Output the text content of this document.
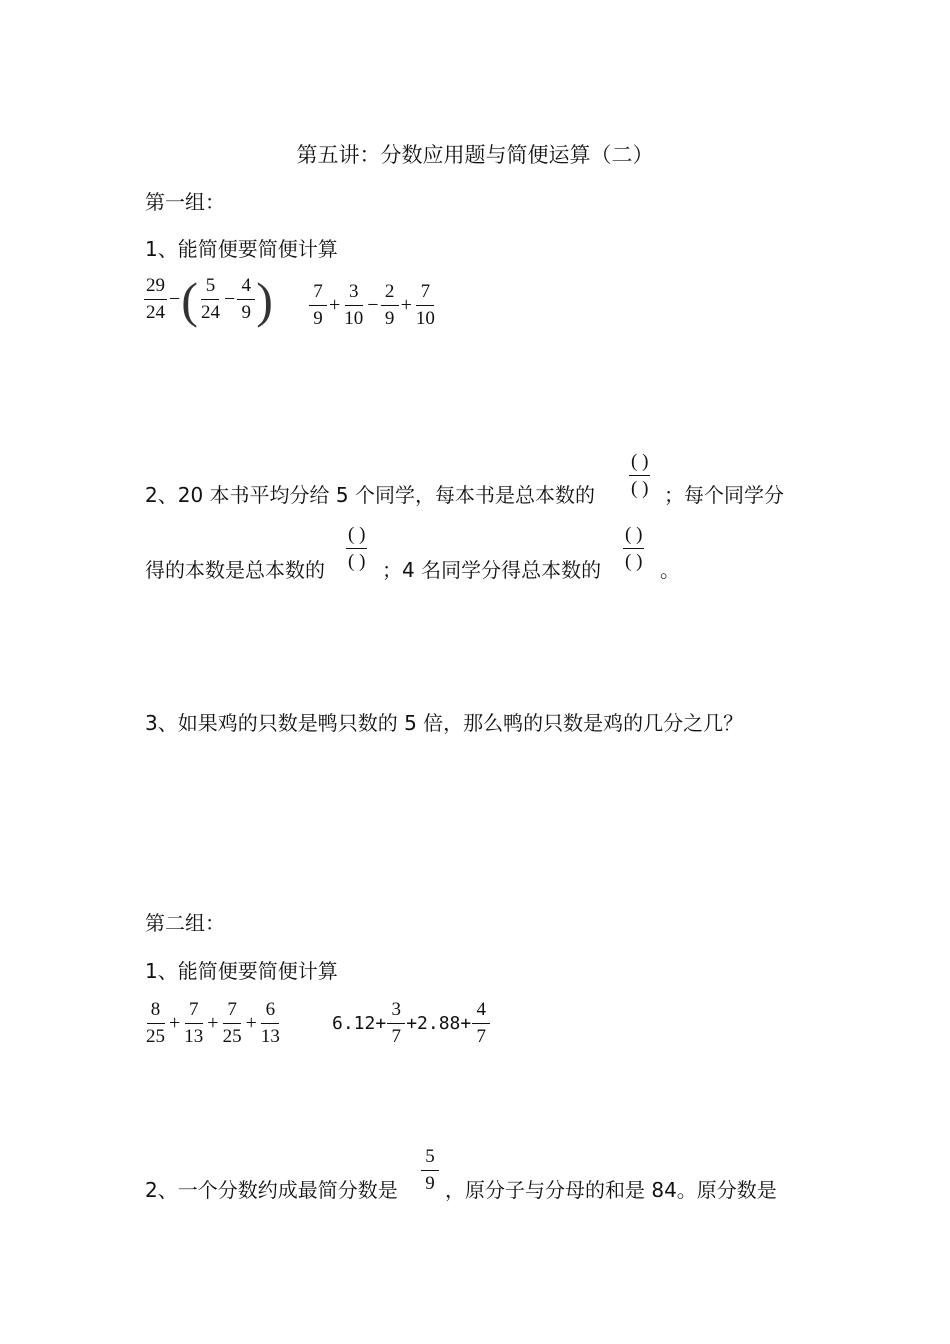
第五讲：分数应用题与简便运算（二）
第一组：
1、能简便要简便计算
$\frac{29}{24}$ − ( $\frac{5}{24} - \frac{4}{9}$ ) $\frac{7}{9} + \frac{3}{10} - \frac{2}{9} + \frac{7}{10}$
2、20 本书平均分给 5 个同学，每本书是总本数的 $\frac{( )}{( )}$ ；每个同学分
得的本数是总本数的 $\frac{( )}{( )}$ ；4 名同学分得总本数的 $\frac{( )}{( )}$ 。
3、如果鸡的只数是鸭只数的 5 倍，那么鸭的只数是鸡的几分之几？
第二组：
1、能简便要简便计算
$\frac{8}{25} + \frac{7}{13} + \frac{7}{25} + \frac{6}{13}$	$6.12+ \frac{3}{7} +2.88+ \frac{4}{7}$
2、一个分数约成最简分数是 $\frac{5}{9}$ ，原分子与分母的和是 84。原分数是
